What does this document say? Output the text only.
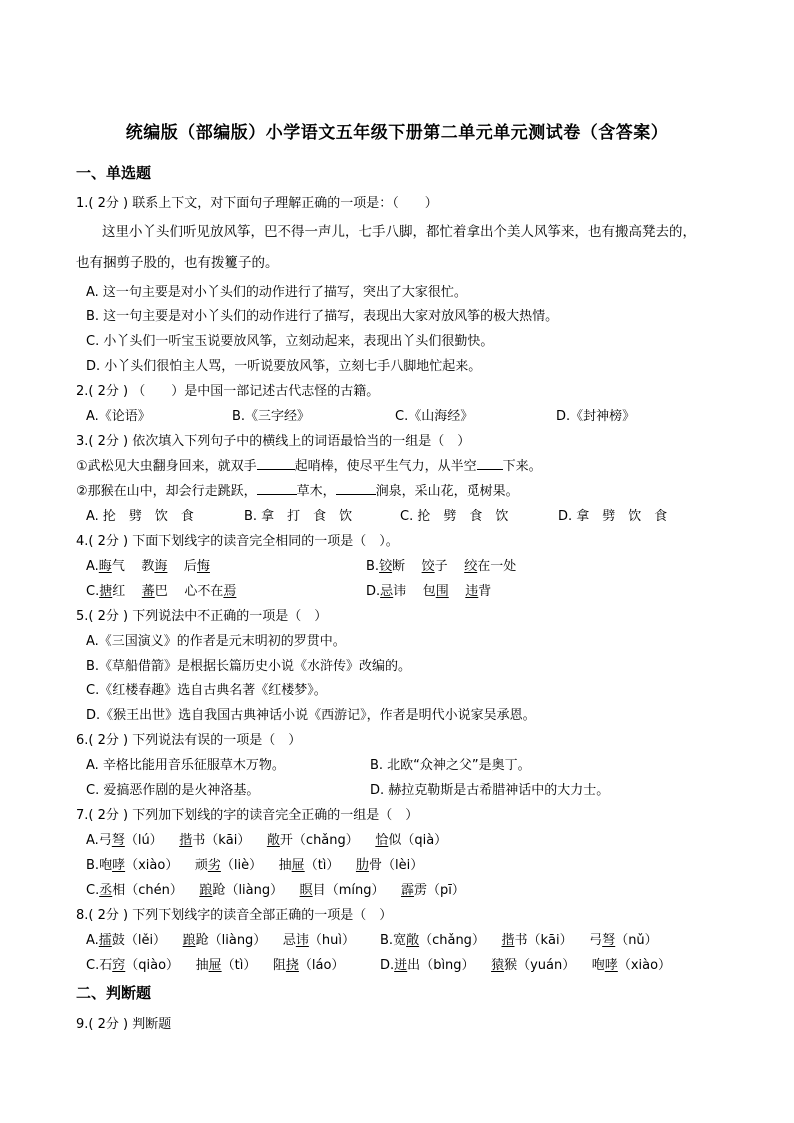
统编版（部编版）小学语文五年级下册第二单元单元测试卷（含答案）
一、单选题
1.( 2分 ) 联系上下文，对下面句子理解正确的一项是：（　　）
这里小丫头们听见放风筝，巴不得一声儿，七手八脚，都忙着拿出个美人风筝来，也有搬高凳去的，
也有捆剪子股的，也有拨籰子的。
A. 这一句主要是对小丫头们的动作进行了描写，突出了大家很忙。
B. 这一句主要是对小丫头们的动作进行了描写，表现出大家对放风筝的极大热情。
C. 小丫头们一听宝玉说要放风筝，立刻动起来，表现出丫头们很勤快。
D. 小丫头们很怕主人骂，一听说要放风筝，立刻七手八脚地忙起来。
2.( 2分 ) （　　）是中国一部记述古代志怪的古籍。
A.《论语》	B.《三字经》	C.《山海经》	D.《封神榜》
3.( 2分 ) 依次填入下列句子中的横线上的词语最恰当的一组是（　）
①武松见大虫翻身回来，就双手	起哨棒，使尽平生气力，从半空 下来。
②那猴在山中，却会行走跳跃，	草木，	涧泉，采山花，觅树果。
A. 抡　劈　饮　食	B. 拿　打　食　饮	C. 抡　劈　食　饮	D. 拿　劈　饮　食
4.( 2分 ) 下面下划线字的读音完全相同的一项是（　）。
A.晦气 教诲 后悔	B.铰断 饺子 绞在一处
C.搪红 蕃巴 心不在焉	D.忌讳 包围 违背
5.( 2分 ) 下列说法中不正确的一项是（　）
A.《三国演义》的作者是元末明初的罗贯中。
B.《草船借箭》是根据长篇历史小说《水浒传》改编的。
C.《红楼春趣》选自古典名著《红楼梦》。
D.《猴王出世》选自我国古典神话小说《西游记》，作者是明代小说家吴承恩。
6.( 2分 ) 下列说法有误的一项是（　）
A. 辛格比能用音乐征服草木万物。	B. 北欧“众神之父”是奥丁。
C. 爱搞恶作剧的是火神洛基。	D. 赫拉克勒斯是古希腊神话中的大力士。
7.( 2分 ) 下列加下划线的字的读音完全正确的一组是（　）
A.弓弩（lú） 揩书（kāi） 敞开（chǎng） 恰似（qià）
B.咆哮（xiào） 顽劣（liè） 抽屉（tì） 肋骨（lèi）
C.丞相（chén） 踉跄（liàng） 瞑目（míng） 霹雳（pī）
8.( 2分 ) 下列下划线字的读音全部正确的一项是（　）
A.擂鼓（lěi） 踉跄（liàng） 忌讳（huì） B.宽敞（chǎng） 揩书（kāi） 弓弩（nǔ）
C.石窍（qiào） 抽屉（tì） 阻挠（láo）	D.迸出（bìng） 猿猴（yuán） 咆哮（xiào）
二、判断题
9.( 2分 ) 判断题
